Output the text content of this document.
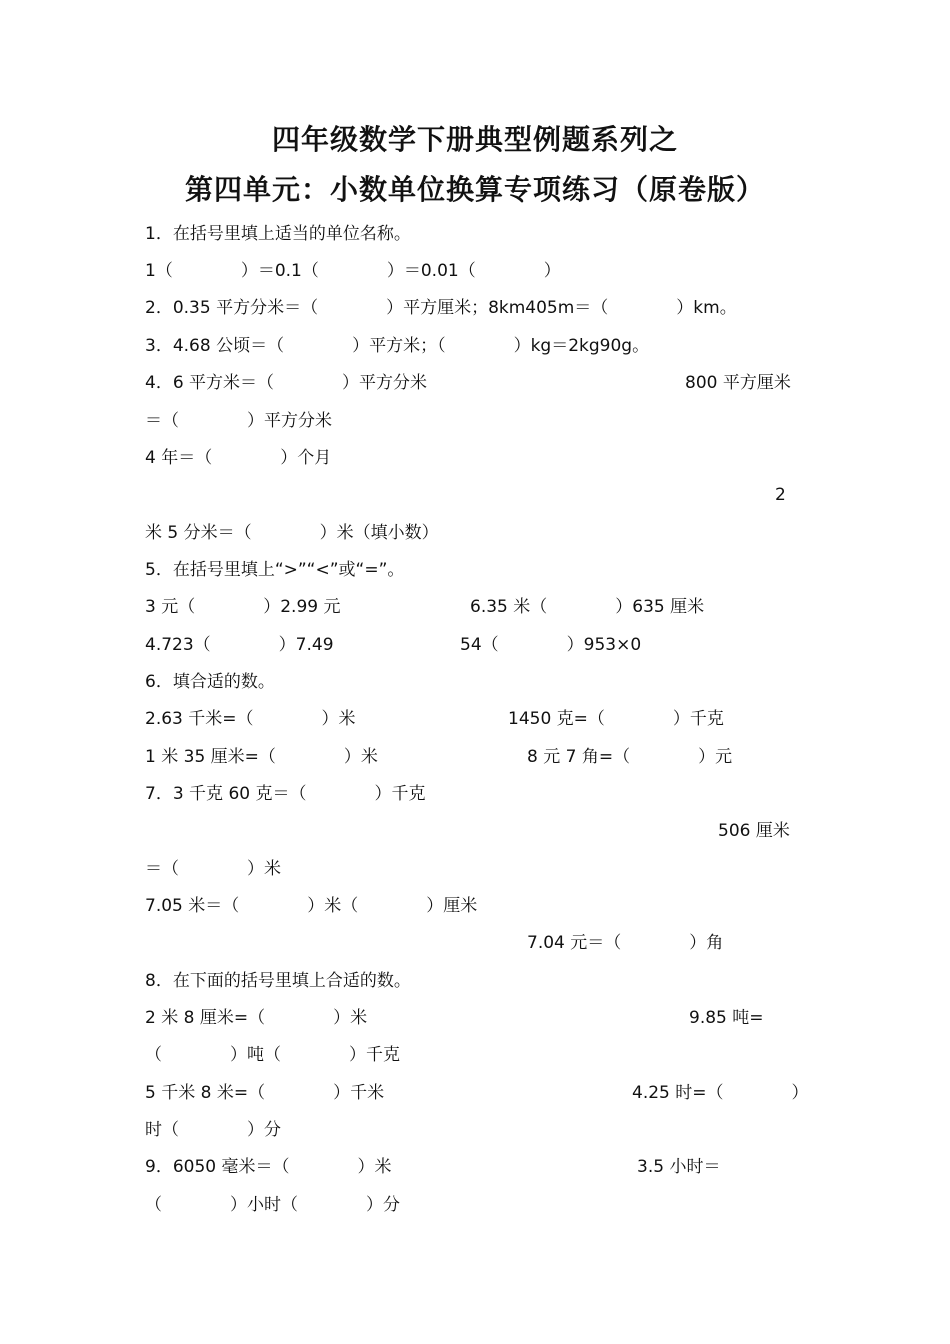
四年级数学下册典型例题系列之
第四单元：小数单位换算专项练习（原卷版）
1．在括号里填上适当的单位名称。
1（　　　　）＝0.1（　　　　）＝0.01（　　　　）
2．0.35 平方分米＝（　　　　）平方厘米；8km405m＝（　　　　）km。
3．4.68 公顷＝（　　　　）平方米；（　　　　）kg＝2kg90g。
4．6 平方米＝（　　　　）平方分米	800 平方厘米
＝（　　　　）平方分米
4 年＝（　　　　）个月
2
米 5 分米＝（　　　　）米（填小数）
5．在括号里填上“>”“<”或“=”。
3 元（　　　　）2.99 元	6.35 米（　　　　）635 厘米
4.723（　　　　）7.49	54（　　　　）953×0
6．填合适的数。
2.63 千米=（　　　　）米	1450 克=（　　　　）千克
1 米 35 厘米=（　　　　）米	8 元 7 角=（　　　　）元
7．3 千克 60 克＝（　　　　）千克
506 厘米
＝（　　　　）米
7.05 米＝（　　　　）米（　　　　）厘米
7.04 元＝（　　　　）角
8．在下面的括号里填上合适的数。
2 米 8 厘米=（　　　　）米	9.85 吨=
（　　　　）吨（　　　　）千克
5 千米 8 米=（　　　　）千米	4.25 时=（　　　　）
时（　　　　）分
9．6050 毫米＝（　　　　）米	3.5 小时＝
（　　　　）小时（　　　　）分
